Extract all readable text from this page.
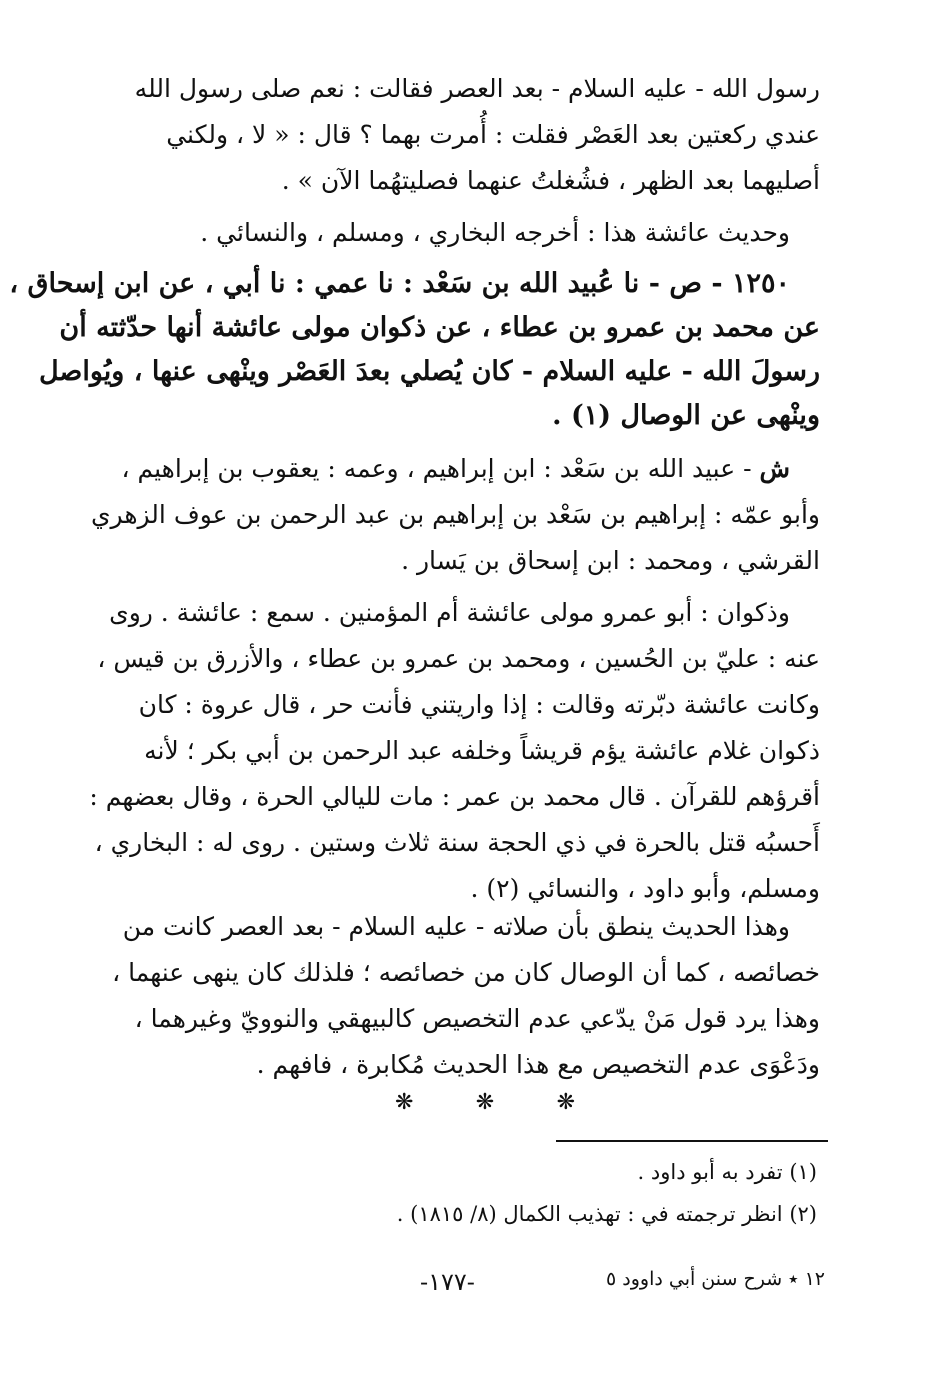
رسول الله - عليه السلام - بعد العصر فقالت : نعم صلى رسول الله
عندي ركعتين بعد العَصْر فقلت : أُمرت بهما ؟ قال : « لا ، ولكني
أصليهما بعد الظهر ، فشُغلتُ عنهما فصليتهُما الآن » .
وحديث عائشة هذا : أخرجه البخاري ، ومسلم ، والنسائي .
١٢٥٠ - ص - نا عُبيد الله بن سَعْد : نا عمي : نا أبي ، عن ابن إسحاق ،
عن محمد بن عمرو بن عطاء ، عن ذكوان مولى عائشة أنها حدّثته أن
رسولَ الله - عليه السلام - كان يُصلي بعدَ العَصْر وينْهى عنها ، ويُواصل
وينْهى عن الوصال (١) .
ش - عبيد الله بن سَعْد : ابن إبراهيم ، وعمه : يعقوب بن إبراهيم ،
وأبو عمّه : إبراهيم بن سَعْد بن إبراهيم بن عبد الرحمن بن عوف الزهري
القرشي ، ومحمد : ابن إسحاق بن يَسار .
وذكوان : أبو عمرو مولى عائشة أم المؤمنين . سمع : عائشة . روى
عنه : عليّ بن الحُسين ، ومحمد بن عمرو بن عطاء ، والأزرق بن قيس ،
وكانت عائشة دبّرته وقالت : إذا واريتني فأنت حر ، قال عروة : كان
ذكوان غلام عائشة يؤم قريشاً وخلفه عبد الرحمن بن أبي بكر ؛ لأنه
أقرؤهم للقرآن . قال محمد بن عمر : مات لليالي الحرة ، وقال بعضهم :
أَحسبُه قتل بالحرة في ذي الحجة سنة ثلاث وستين . روى له : البخاري ،
ومسلم، وأبو داود ، والنسائي (٢) .
وهذا الحديث ينطق بأن صلاته - عليه السلام - بعد العصر كانت من
خصائصه ، كما أن الوصال كان من خصائصه ؛ فلذلك كان ينهى عنهما ،
وهذا يرد قول مَنْ يدّعي عدم التخصيص كالبيهقي والنوويّ وغيرهما ،
ودَعْوَى عدم التخصيص مع هذا الحديث مُكابرة ، فافهم .
❋	❋	❋
(١) تفرد به أبو داود .
(٢) انظر ترجمته في : تهذيب الكمال (٨/ ١٨١٥) .
١٢ ٭ شرح سنن أبي داوود ٥
-١٧٧-
